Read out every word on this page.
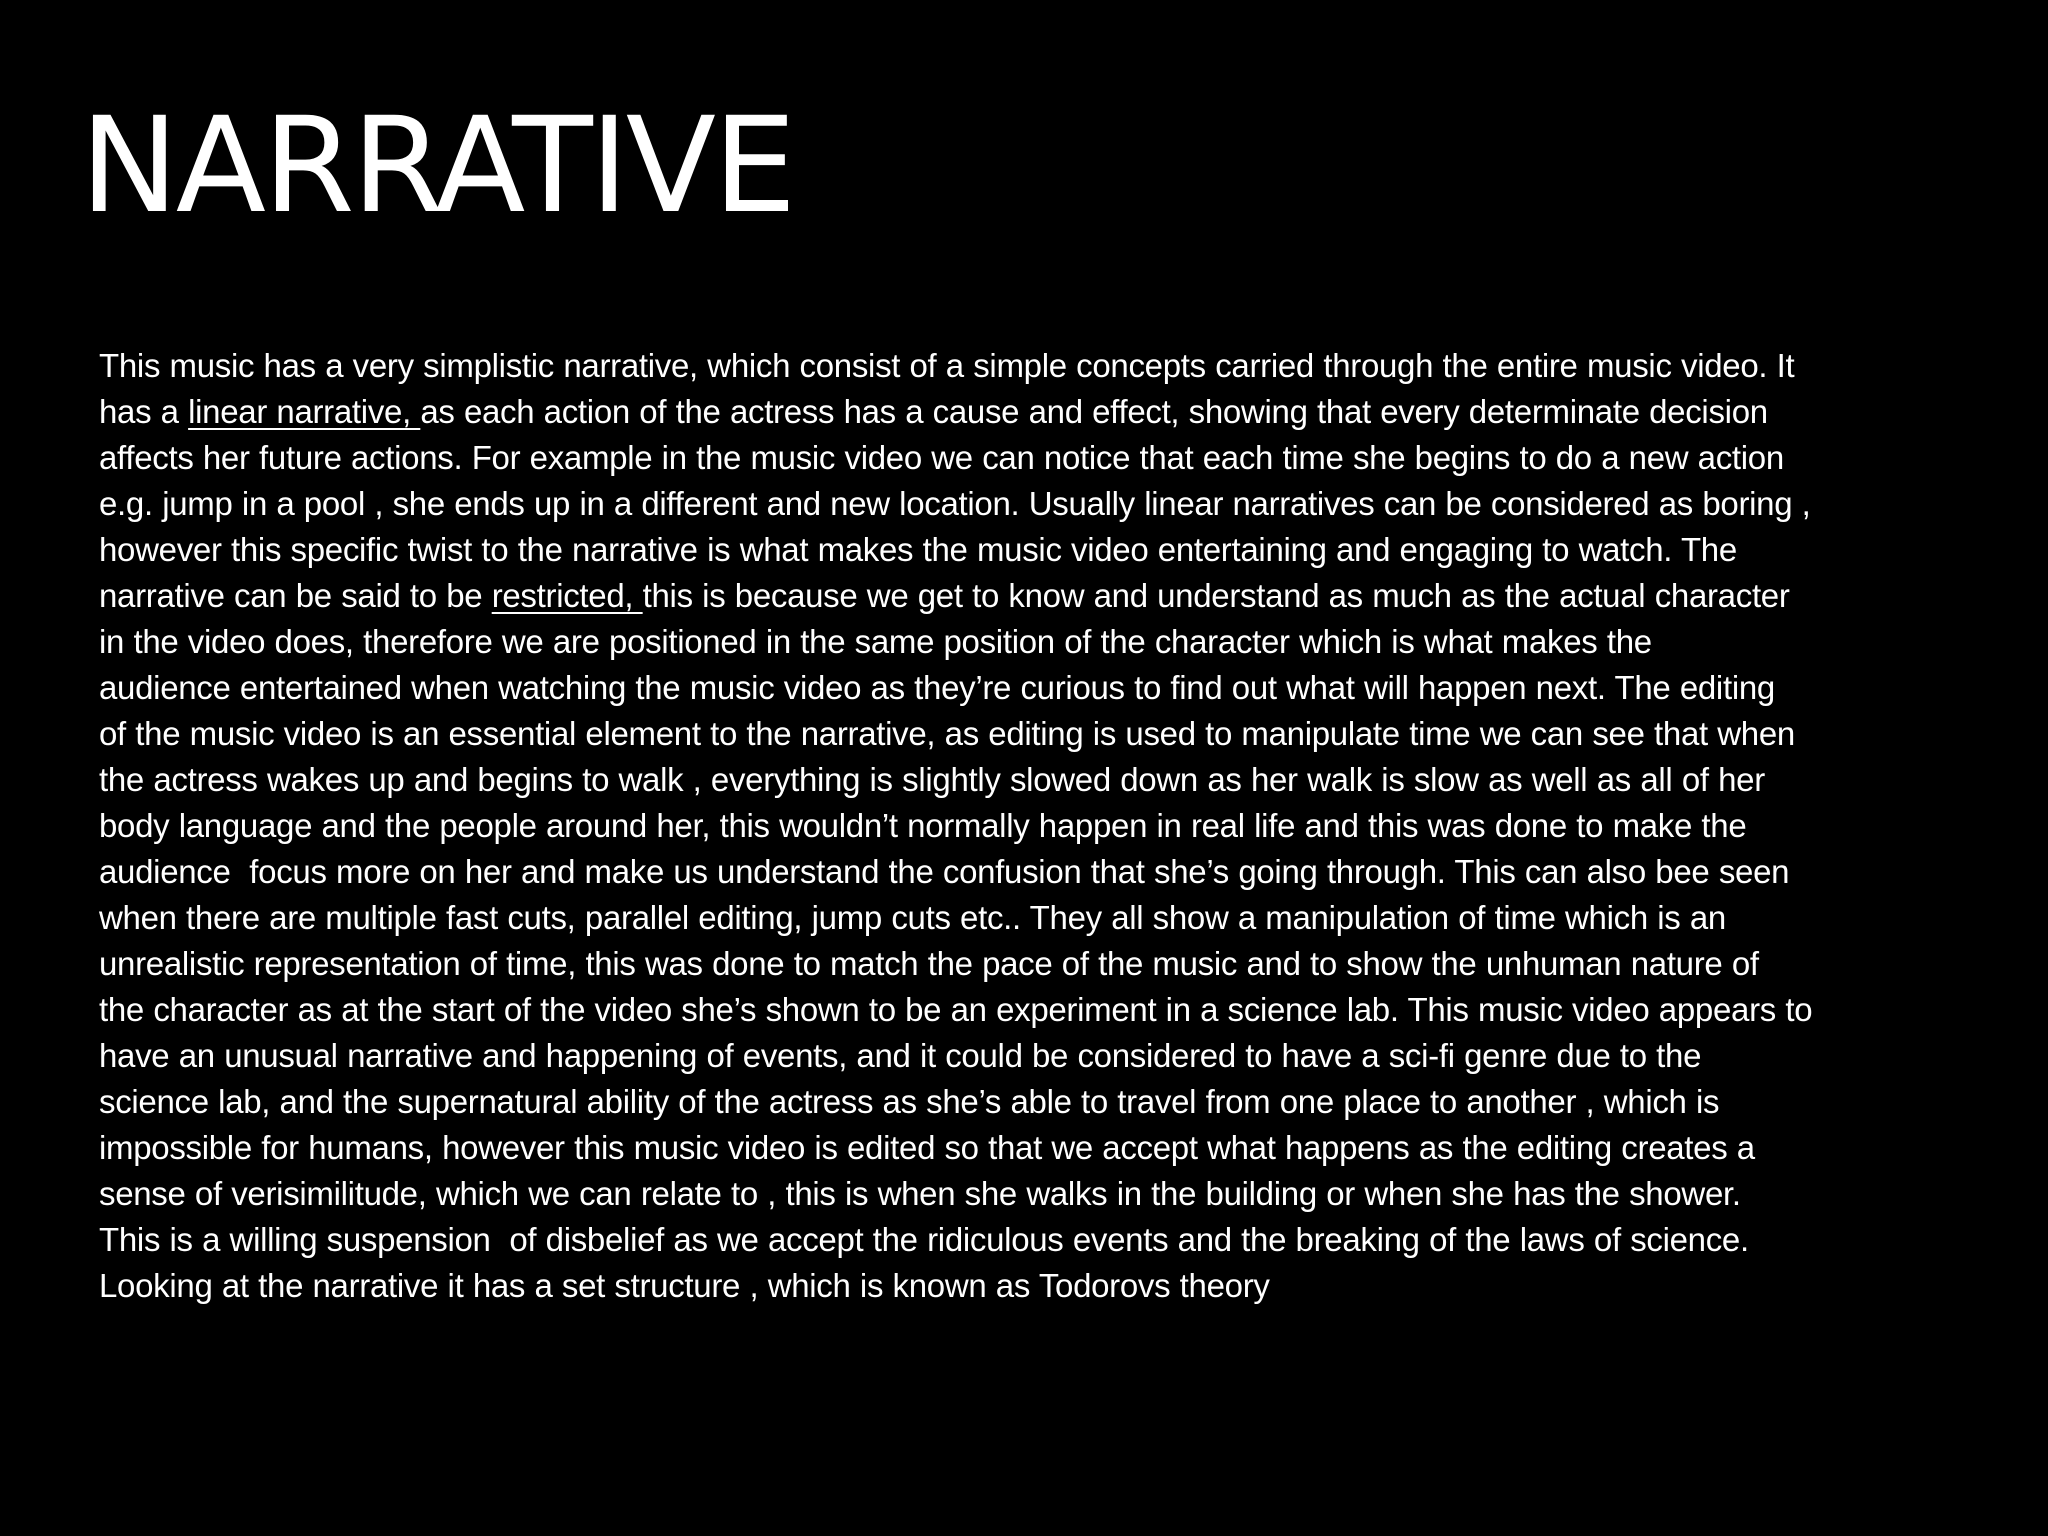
NARRATIVE
This music has a very simplistic narrative, which consist of a simple concepts carried through the entire music video. It
has a linear narrative, as each action of the actress has a cause and effect, showing that every determinate decision
affects her future actions. For example in the music video we can notice that each time she begins to do a new action
e.g. jump in a pool , she ends up in a different and new location. Usually linear narratives can be considered as boring ,
however this specific twist to the narrative is what makes the music video entertaining and engaging to watch. The
narrative can be said to be restricted, this is because we get to know and understand as much as the actual character
in the video does, therefore we are positioned in the same position of the character which is what makes the
audience entertained when watching the music video as they’re curious to find out what will happen next. The editing
of the music video is an essential element to the narrative, as editing is used to manipulate time we can see that when
the actress wakes up and begins to walk , everything is slightly slowed down as her walk is slow as well as all of her
body language and the people around her, this wouldn’t normally happen in real life and this was done to make the
audience  focus more on her and make us understand the confusion that she’s going through. This can also bee seen
when there are multiple fast cuts, parallel editing, jump cuts etc.. They all show a manipulation of time which is an
unrealistic representation of time, this was done to match the pace of the music and to show the unhuman nature of
the character as at the start of the video she’s shown to be an experiment in a science lab. This music video appears to
have an unusual narrative and happening of events, and it could be considered to have a sci-fi genre due to the
science lab, and the supernatural ability of the actress as she’s able to travel from one place to another , which is
impossible for humans, however this music video is edited so that we accept what happens as the editing creates a
sense of verisimilitude, which we can relate to , this is when she walks in the building or when she has the shower.
This is a willing suspension  of disbelief as we accept the ridiculous events and the breaking of the laws of science.
Looking at the narrative it has a set structure , which is known as Todorovs theory
